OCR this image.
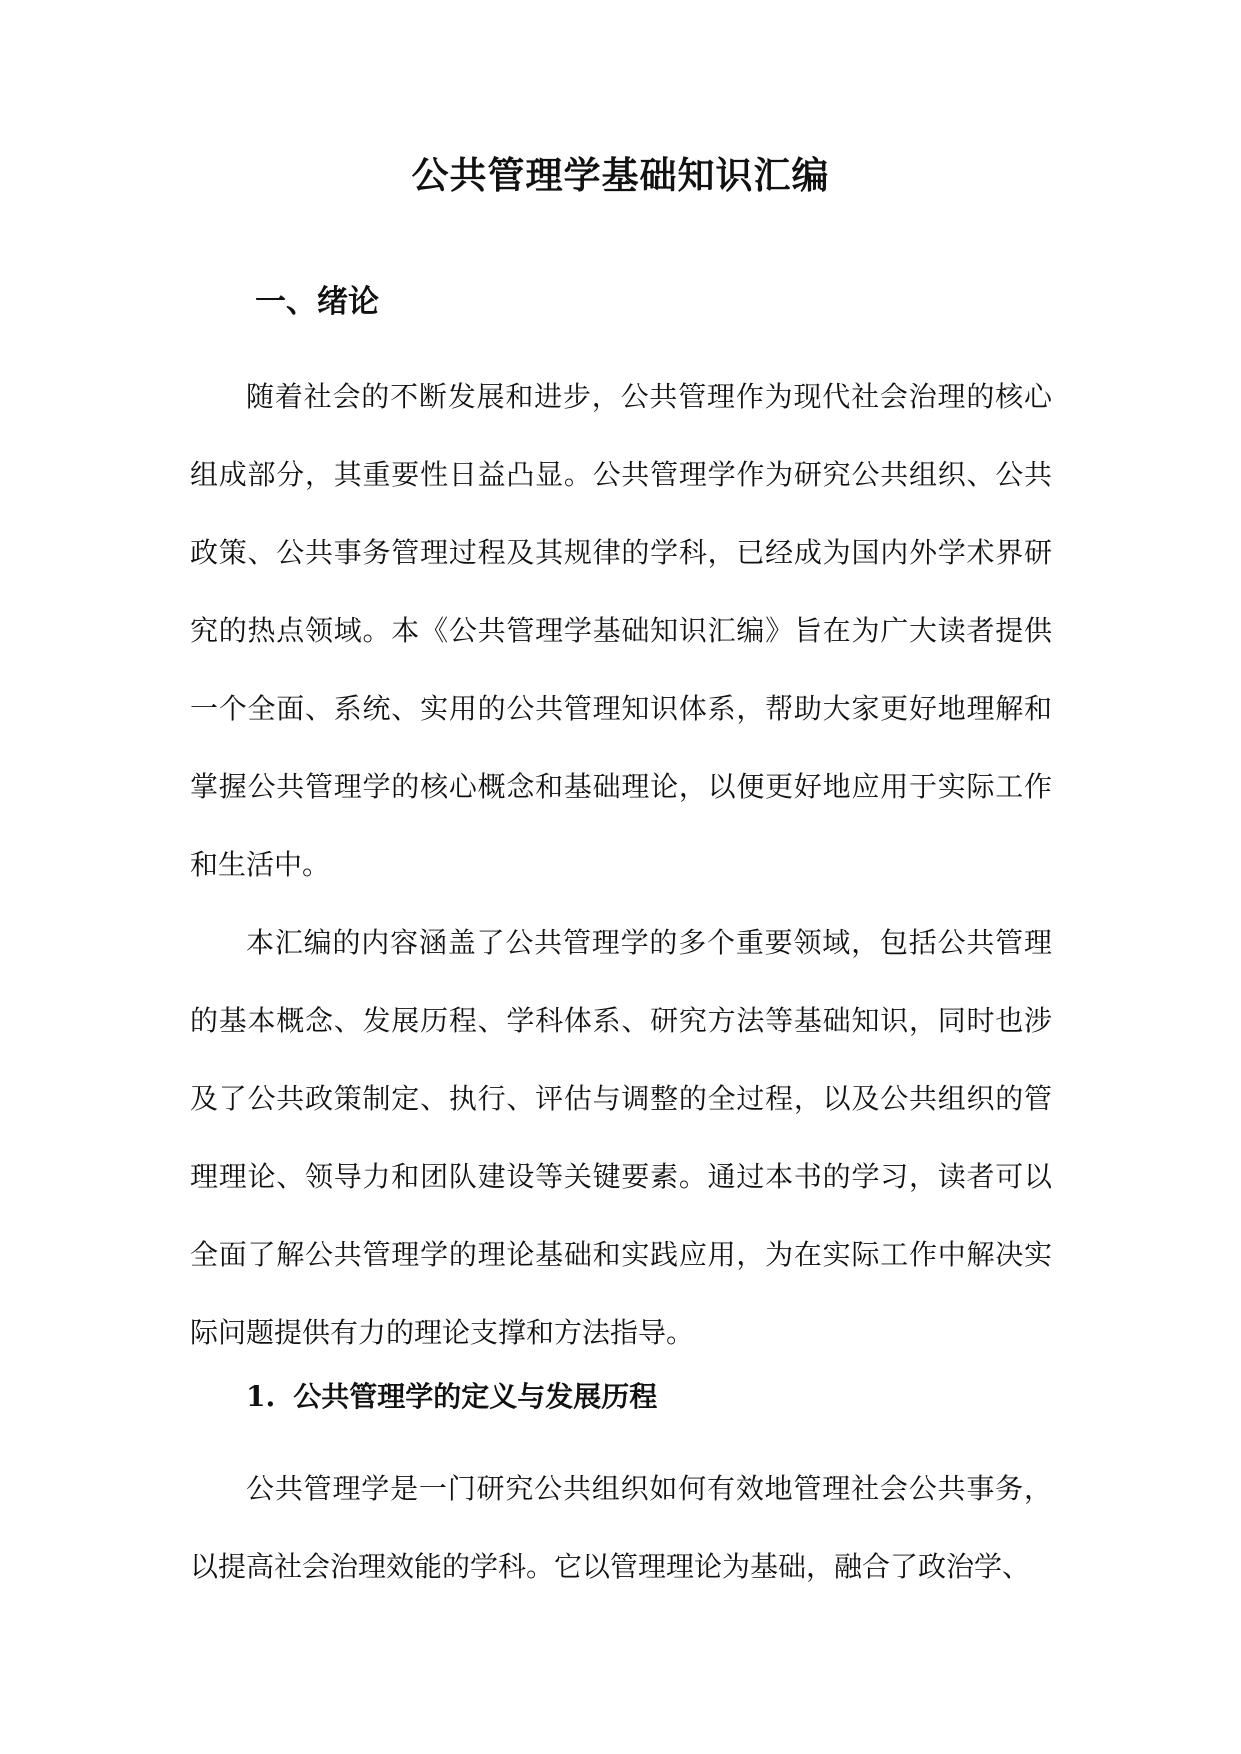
公共管理学基础知识汇编
一、绪论

随着社会的不断发展和进步，公共管理作为现代社会治理的核心组成部分，其重要性日益凸显。公共管理学作为研究公共组织、公共政策、公共事务管理过程及其规律的学科，已经成为国内外学术界研究的热点领域。本《公共管理学基础知识汇编》旨在为广大读者提供一个全面、系统、实用的公共管理知识体系，帮助大家更好地理解和掌握公共管理学的核心概念和基础理论，以便更好地应用于实际工作和生活中。

本汇编的内容涵盖了公共管理学的多个重要领域，包括公共管理的基本概念、发展历程、学科体系、研究方法等基础知识，同时也涉及了公共政策制定、执行、评估与调整的全过程，以及公共组织的管理理论、领导力和团队建设等关键要素。通过本书的学习，读者可以全面了解公共管理学的理论基础和实践应用，为在实际工作中解决实际问题提供有力的理论支撑和方法指导。

1. 公共管理学的定义与发展历程

公共管理学是一门研究公共组织如何有效地管理社会公共事务，以提高社会治理效能的学科。它以管理理论为基础，融合了政治学、
